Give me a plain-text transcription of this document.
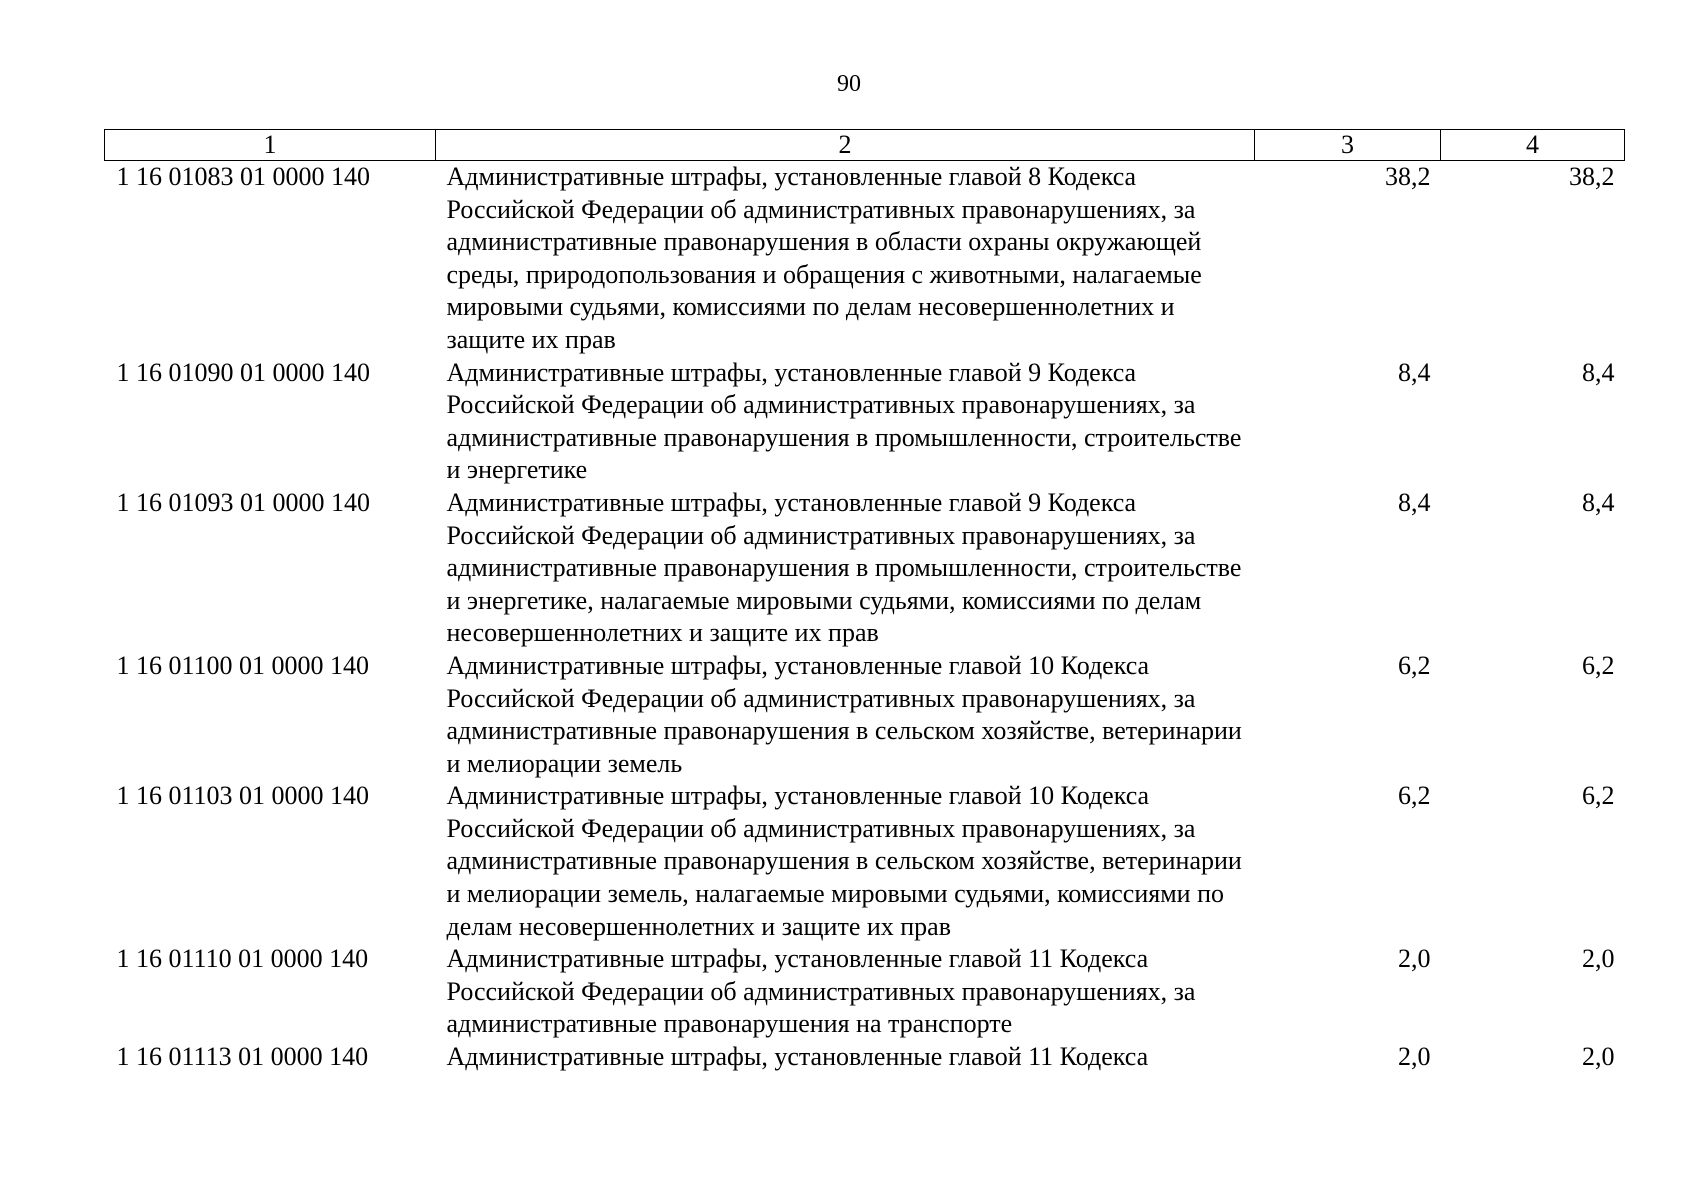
90
1	2	3	4
1 16 01083 01 0000 140	Административные штрафы, установленные главой 8 Кодекса Российской Федерации об административных правонарушениях, за административные правонарушения в области охраны окружающей среды, природопользования и обращения с животными, налагаемые мировыми судьями, комиссиями по делам несовершеннолетних и защите их прав	38,2	38,2
1 16 01090 01 0000 140	Административные штрафы, установленные главой 9 Кодекса Российской Федерации об административных правонарушениях, за административные правонарушения в промышленности, строительстве и энергетике	8,4	8,4
1 16 01093 01 0000 140	Административные штрафы, установленные главой 9 Кодекса Российской Федерации об административных правонарушениях, за административные правонарушения в промышленности, строительстве и энергетике, налагаемые мировыми судьями, комиссиями по делам несовершеннолетних и защите их прав	8,4	8,4
1 16 01100 01 0000 140	Административные штрафы, установленные главой 10 Кодекса Российской Федерации об административных правонарушениях, за административные правонарушения в сельском хозяйстве, ветеринарии и мелиорации земель	6,2	6,2
1 16 01103 01 0000 140	Административные штрафы, установленные главой 10 Кодекса Российской Федерации об административных правонарушениях, за административные правонарушения в сельском хозяйстве, ветеринарии и мелиорации земель, налагаемые мировыми судьями, комиссиями по делам несовершеннолетних и защите их прав	6,2	6,2
1 16 01110 01 0000 140	Административные штрафы, установленные главой 11 Кодекса Российской Федерации об административных правонарушениях, за административные правонарушения на транспорте	2,0	2,0
1 16 01113 01 0000 140	Административные штрафы, установленные главой 11 Кодекса	2,0	2,0
